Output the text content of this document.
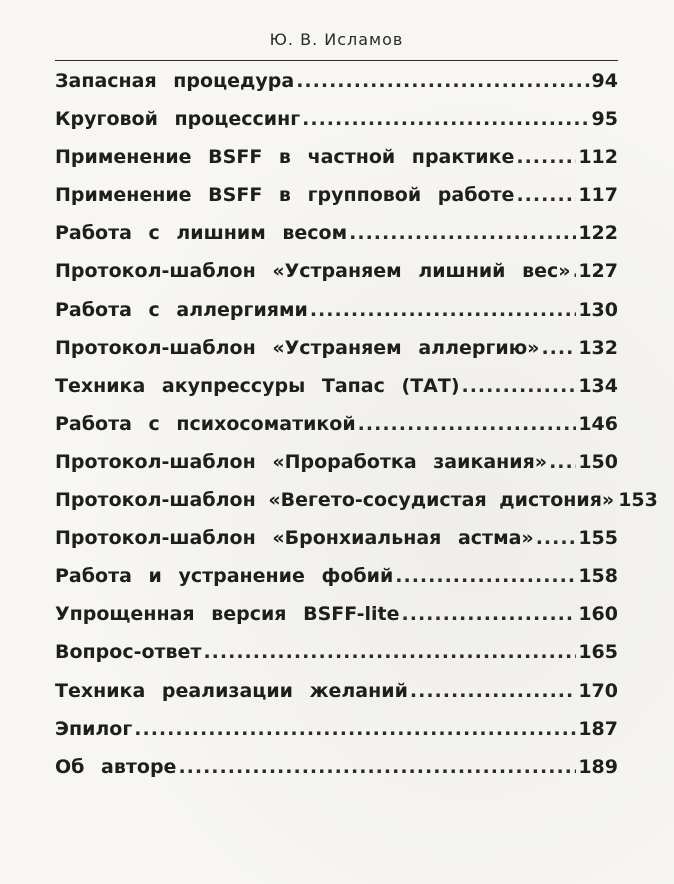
Ю. В. Исламов
Запасная процедура .....	94
Круговой процессинг .....	95
Применение BSFF в частной практике .....	112
Применение BSFF в групповой работе .....	117
Работа с лишним весом .....	122
Протокол-шаблон «Устраняем лишний вес» ..... 127
Работа с аллергиями .....	130
Протокол-шаблон «Устраняем аллергию» ..... 132
Техника акупрессуры Тапас (ТАТ) .....	134
Работа с психосоматикой .....	146
Протокол-шаблон «Проработка заикания» ..... 150
Протокол-шаблон «Вегето-сосудистая дистония» 153
Протокол-шаблон «Бронхиальная астма» ..... 155
Работа и устранение фобий .....	158
Упрощенная версия BSFF-lite .....	160
Вопрос-ответ .....	165
Техника реализации желаний .....	170
Эпилог .....	187
Об авторе .....	189
